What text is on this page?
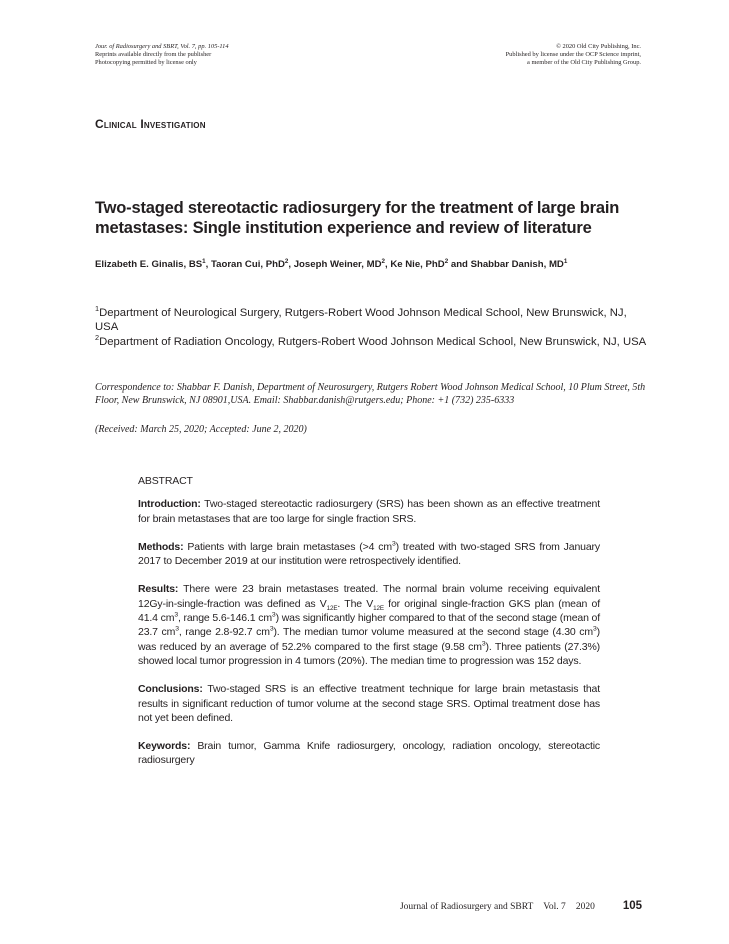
Jour. of Radiosurgery and SBRT, Vol. 7, pp. 105-114
Reprints available directly from the publisher
Photocopying permitted by license only
© 2020 Old City Publishing, Inc.
Published by license under the OCP Science imprint,
a member of the Old City Publishing Group.
Clinical Investigation
Two-staged stereotactic radiosurgery for the treatment of large brain metastases: Single institution experience and review of literature
Elizabeth E. Ginalis, $BS^1$, Taoran Cui, PhD$^2$, Joseph Weiner, $MD^2$, Ke Nie, PhD$^2$ and Shabbar Danish, $MD^1$
$^1$Department of Neurological Surgery, Rutgers-Robert Wood Johnson Medical School, New Brunswick, NJ, USA
$^2$Department of Radiation Oncology, Rutgers-Robert Wood Johnson Medical School, New Brunswick, NJ, USA
Correspondence to: Shabbar F. Danish, Department of Neurosurgery, Rutgers Robert Wood Johnson Medical School, 10 Plum Street, 5th Floor, New Brunswick, NJ 08901,USA. Email: Shabbar.danish@rutgers.edu; Phone: +1 (732) 235-6333
(Received: March 25, 2020; Accepted: June 2, 2020)
ABSTRACT

Introduction: Two-staged stereotactic radiosurgery (SRS) has been shown as an effective treatment for brain metastases that are too large for single fraction SRS.

Methods: Patients with large brain metastases (>4 $cm^3$) treated with two-staged SRS from January 2017 to December 2019 at our institution were retrospectively identified.

Results: There were 23 brain metastases treated. The normal brain volume receiving equivalent 12Gy-in-single-fraction was defined as $V_{12E}$. The $V_{12E}$ for original single-fraction GKS plan (mean of 41.4 $cm^3$, range 5.6-146.1 $cm^3$) was significantly higher compared to that of the second stage (mean of 23.7 $cm^3$, range 2.8-92.7 $cm^3$). The median tumor volume measured at the second stage (4.30 $cm^3$) was reduced by an average of 52.2% compared to the first stage (9.58 $cm^3$). Three patients (27.3%) showed local tumor progression in 4 tumors (20%). The median time to progression was 152 days.

Conclusions: Two-staged SRS is an effective treatment technique for large brain metastasis that results in significant reduction of tumor volume at the second stage SRS. Optimal treatment dose has not yet been defined.

Keywords: Brain tumor, Gamma Knife radiosurgery, oncology, radiation oncology, stereotactic radiosurgery

Journal of Radiosurgery and SBRT Vol. 7 2020 105
